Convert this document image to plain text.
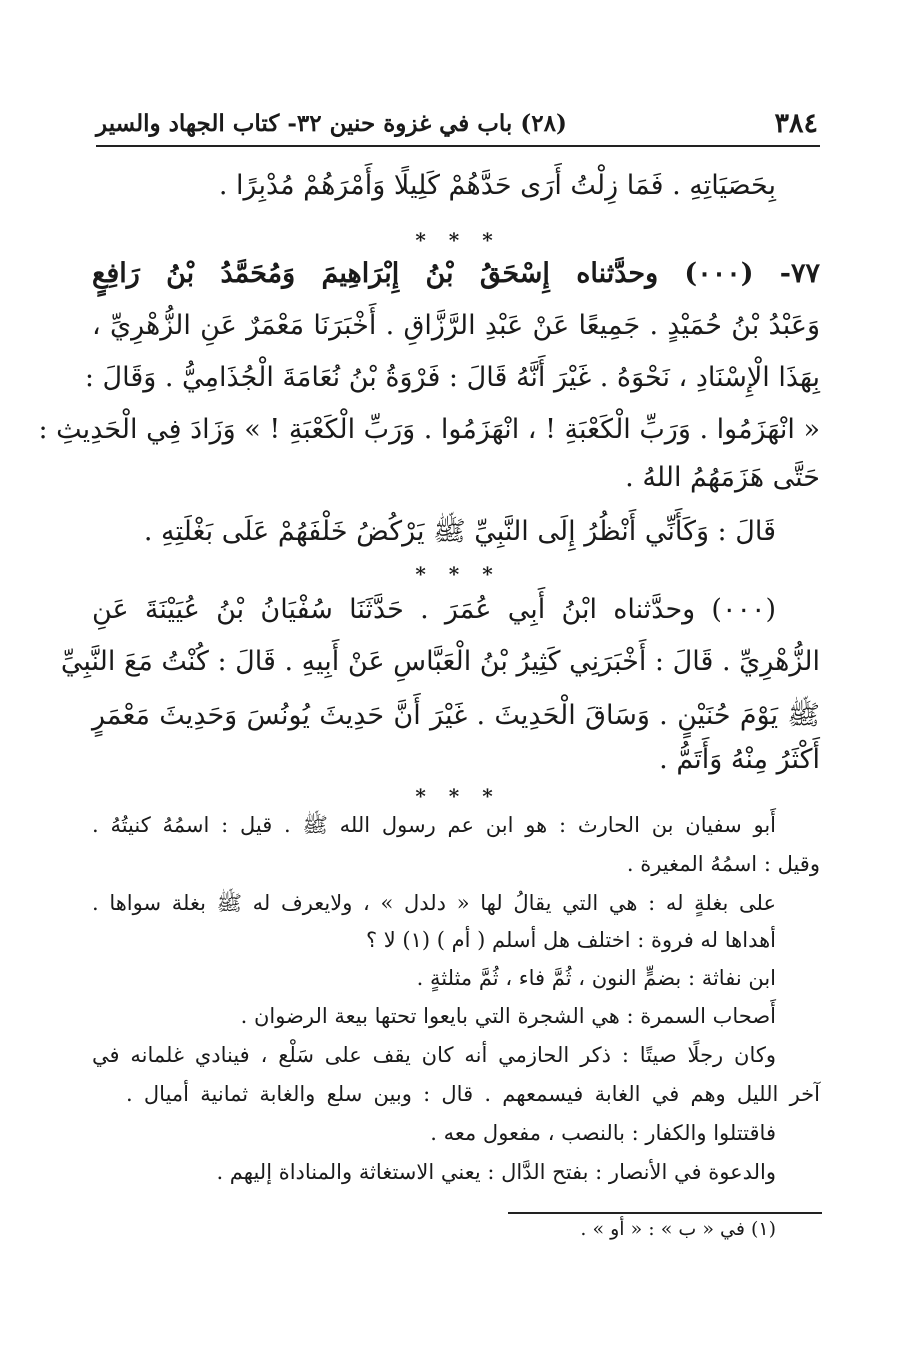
٣٨٤
(٢٨) باب في غزوة حنين ٣٢- كتاب الجهاد والسير
بِحَصَيَاتِهِ . فَمَا زِلْتُ أَرَى حَدَّهُمْ كَلِيلًا وَأَمْرَهُمْ مُدْبِرًا .
* * *
٧٧- (٠٠٠) وحدَّثناه إِسْحَقُ بْنُ إِبْرَاهِيمَ وَمُحَمَّدُ بْنُ رَافِعٍ
وَعَبْدُ بْنُ حُمَيْدٍ . جَمِيعًا عَنْ عَبْدِ الرَّزَّاقِ . أَخْبَرَنَا مَعْمَرٌ عَنِ الزُّهْرِيِّ ،
بِهَذَا الْإِسْنَادِ ، نَحْوَهُ . غَيْرَ أَنَّهُ قَالَ : فَرْوَةُ بْنُ نُعَامَةَ الْجُذَامِيُّ . وَقَالَ :
« انْهَزَمُوا . وَرَبِّ الْكَعْبَةِ ! ، انْهَزَمُوا . وَرَبِّ الْكَعْبَةِ ! » وَزَادَ فِي الْحَدِيثِ :
حَتَّى هَزَمَهُمُ اللهُ .
قَالَ : وَكَأَنِّي أَنْظُرُ إِلَى النَّبِيِّ ﷺ يَرْكُضُ خَلْفَهُمْ عَلَى بَغْلَتِهِ .
* * *
(٠٠٠) وحدَّثناه ابْنُ أَبِي عُمَرَ . حَدَّثَنَا سُفْيَانُ بْنُ عُيَيْنَةَ عَنِ
الزُّهْرِيِّ . قَالَ : أَخْبَرَنِي كَثِيرُ بْنُ الْعَبَّاسِ عَنْ أَبِيهِ . قَالَ : كُنْتُ مَعَ النَّبِيِّ
ﷺ يَوْمَ حُنَيْنٍ . وَسَاقَ الْحَدِيثَ . غَيْرَ أَنَّ حَدِيثَ يُونُسَ وَحَدِيثَ مَعْمَرٍ
أَكْثَرُ مِنْهُ وَأَتَمُّ .
* * *
أَبو سفيان بن الحارث : هو ابن عم رسول الله ﷺ . قيل : اسمُهُ كنيتُهُ .
وقيل : اسمُهُ المغيرة .
على بغلةٍ له : هي التي يقالُ لها « دلدل » ، ولايعرف له ﷺ بغلة سواها .
أهداها له فروة : اختلف هل أسلم ( أم ) (١) لا ؟
ابن نفاثة : بضمٍّ النون ، ثُمَّ فاء ، ثُمَّ مثلثةٍ .
أَصحاب السمرة : هي الشجرة التي بايعوا تحتها بيعة الرضوان .
وكان رجلًا صيتًا : ذكر الحازمي أنه كان يقف على سَلْع ، فينادي غلمانه في
آخر الليل وهم في الغابة فيسمعهم . قال : وبين سلع والغابة ثمانية أميال .
فاقتتلوا والكفار : بالنصب ، مفعول معه .
والدعوة في الأنصار : بفتح الدَّال : يعني الاستغاثة والمناداة إليهم .
(١) في « ب » : « أو » .
